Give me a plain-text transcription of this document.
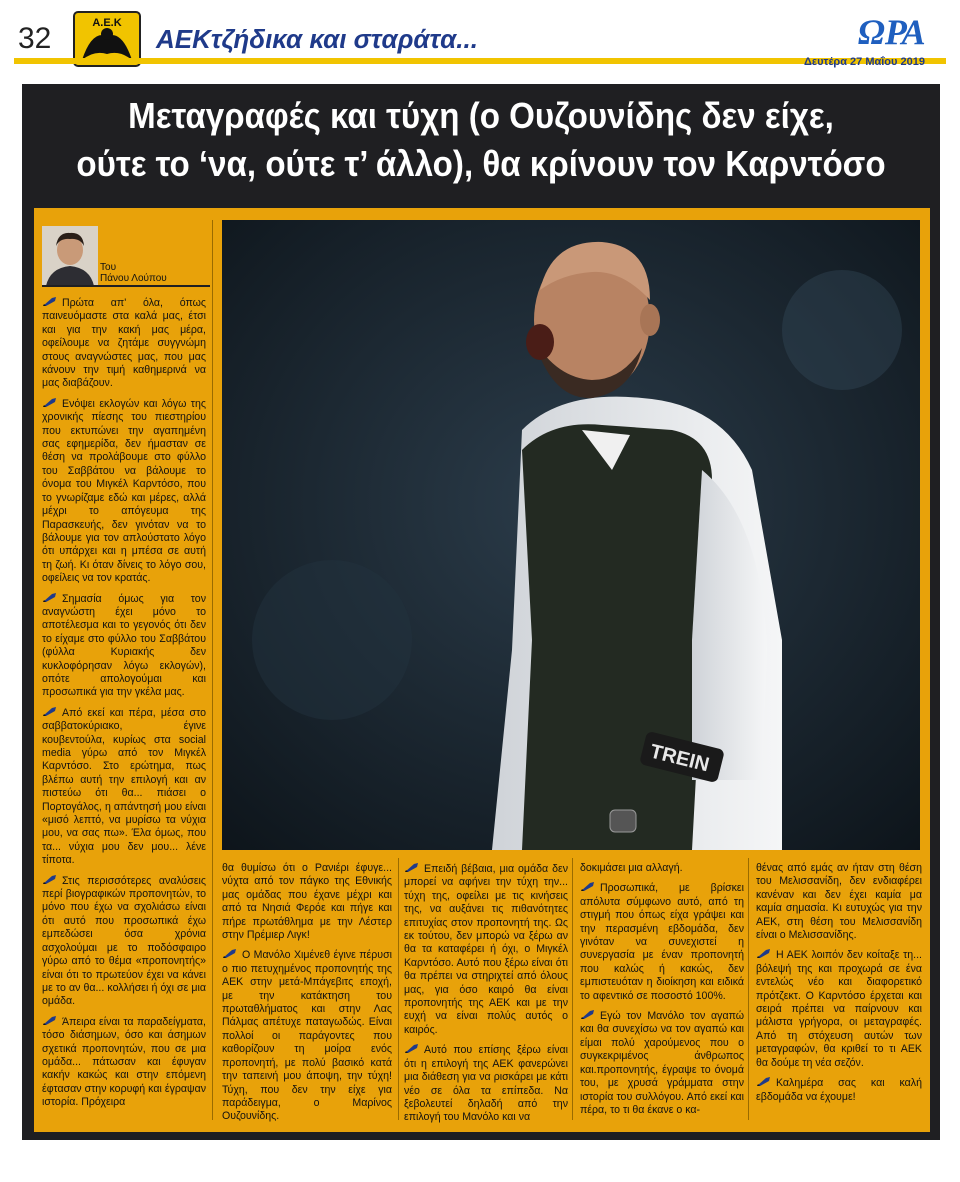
32	Α.Ε.Κ
ΑΕΚτζήδικα και σταράτα...	ΩΡΑ
Δευτέρα 27 Μαΐου 2019
Μεταγραφές και τύχη (ο Ουζουνίδης δεν είχε,
ούτε το ‘να, ούτε τ’ άλλο), θα κρίνουν τον Καρντόσο
Του
Πάνου Λούπου
TREIN

Πρώτα απ' όλα, όπως παινευόμαστε στα καλά μας, έτσι και για την κακή μας μέρα, οφείλουμε να ζητάμε συγγνώμη στους αναγνώστες μας, που μας κάνουν την τιμή καθημερινά να μας διαβάζουν.

Ενόψει εκλογών και λόγω της χρονικής πίεσης του πιεστηρίου που εκτυπώνει την αγαπημένη σας εφημερίδα, δεν ήμασταν σε θέση να προλάβουμε στο φύλλο του Σαββάτου να βάλουμε το όνομα του Μιγκέλ Καρντόσο, που το γνωρίζαμε εδώ και μέρες, αλλά μέχρι το απόγευμα της Παρασκευής, δεν γινόταν να το βάλουμε για τον απλούστατο λόγο ότι υπάρχει και η μπέσα σε αυτή τη ζωή. Κι όταν δίνεις το λόγο σου, οφείλεις να τον κρατάς.

Σημασία όμως για τον αναγνώστη έχει μόνο το αποτέλεσμα και το γεγονός ότι δεν το είχαμε στο φύλλο του Σαββάτου (φύλλα Κυριακής δεν κυκλοφόρησαν λόγω εκλογών), οπότε απολογούμαι και προσωπικά για την γκέλα μας.

Από εκεί και πέρα, μέσα στο σαββατοκύριακο, έγινε κουβεντούλα, κυρίως στα social media γύρω από τον Μιγκέλ Καρντόσο. Στο ερώτημα, πως βλέπω αυτή την επιλογή και αν πιστεύω ότι θα... πιάσει ο Πορτογάλος, η απάντησή μου είναι «μισό λεπτό, να μυρίσω τα νύχια μου, να σας πω». Έλα όμως, που τα... νύχια μου δεν μου... λένε τίποτα.

Στις περισσότερες αναλύσεις περί βιογραφικών προπονητών, το μόνο που έχω να σχολιάσω είναι ότι αυτό που προσωπικά έχω εμπεδώσει όσα χρόνια ασχολούμαι με το ποδόσφαιρο γύρω από το θέμα «προπονητής» είναι ότι το πρωτεύον έχει να κάνει με το αν θα... κολλήσει ή όχι σε μια ομάδα.

Άπειρα είναι τα παραδείγματα, τόσο διάσημων, όσο και άσημων σχετικά προπονητών, που σε μια ομάδα... πάτωσαν και έφυγαν κακήν κακώς και στην επόμενη έφτασαν στην κορυφή και έγραψαν ιστορία. Πρόχειρα

θα θυμίσω ότι ο Ρανιέρι έφυγε... νύχτα από τον πάγκο της Εθνικής μας ομάδας που έχανε μέχρι και από τα Νησιά Φερόε και πήγε και πήρε πρωτάθλημα με την Λέστερ στην Πρέμιερ Λιγκ!

Ο Μανόλο Χιμένεθ έγινε πέρυσι ο πιο πετυχημένος προπονητής της ΑΕΚ στην μετά-Μπάγεβιτς εποχή, με την κατάκτηση του πρωταθλήματος και στην Λας Πάλμας απέτυχε παταγωδώς. Είναι πολλοί οι παράγοντες που καθορίζουν τη μοίρα ενός προπονητή, με πολύ βασικό κατά την ταπεινή μου άποψη, την τύχη! Τύχη, που δεν την είχε για παράδειγμα, ο Μαρίνος Ουζουνίδης.

Επειδή βέβαια, μια ομάδα δεν μπορεί να αφήνει την τύχη την... τύχη της, οφείλει με τις κινήσεις της, να αυξάνει τις πιθανότητες επιτυχίας στον προπονητή της. Ως εκ τούτου, δεν μπορώ να ξέρω αν θα τα καταφέρει ή όχι, ο Μιγκέλ Καρντόσο. Αυτό που ξέρω είναι ότι θα πρέπει να στηριχτεί από όλους μας, για όσο καιρό θα είναι προπονητής της ΑΕΚ και με την ευχή να είναι πολύς αυτός ο καιρός.

Αυτό που επίσης ξέρω είναι ότι η επιλογή της ΑΕΚ φανερώνει μια διάθεση για να ρισκάρει με κάτι νέο σε όλα τα επίπεδα. Να ξεβολευτεί δηλαδή από την επιλογή του Μανόλο και να

δοκιμάσει μια αλλαγή.

Προσωπικά, με βρίσκει απόλυτα σύμφωνο αυτό, από τη στιγμή που όπως είχα γράψει και την περασμένη εβδομάδα, δεν γινόταν να συνεχιστεί η συνεργασία με έναν προπονητή που καλώς ή κακώς, δεν εμπιστευόταν η διοίκηση και ειδικά το αφεντικό σε ποσοστό 100%.

Εγώ τον Μανόλο τον αγαπώ και θα συνεχίσω να τον αγαπώ και είμαι πολύ χαρούμενος που ο συγκεκριμένος άνθρωπος και.προπονητής, έγραψε το όνομά του, με χρυσά γράμματα στην ιστορία του συλλόγου. Από εκεί και πέρα, το τι θα έκανε ο κα-

θένας από εμάς αν ήταν στη θέση του Μελισσανίδη, δεν ενδιαφέρει κανέναν και δεν έχει καμία μα καμία σημασία. Κι ευτυχώς για την ΑΕΚ, στη θέση του Μελισσανίδη είναι ο Μελισσανίδης.

Η ΑΕΚ λοιπόν δεν κοίταξε τη... βόλεψή της και προχωρά σε ένα εντελώς νέο και διαφορετικό πρότζεκτ. Ο Καρντόσο έρχεται και σειρά πρέπει να παίρνουν και μάλιστα γρήγορα, οι μεταγραφές. Από τη στόχευση αυτών των μεταγραφών, θα κριθεί το τι ΑΕΚ θα δούμε τη νέα σεζόν.

Καλημέρα σας και καλή εβδομάδα να έχουμε!
